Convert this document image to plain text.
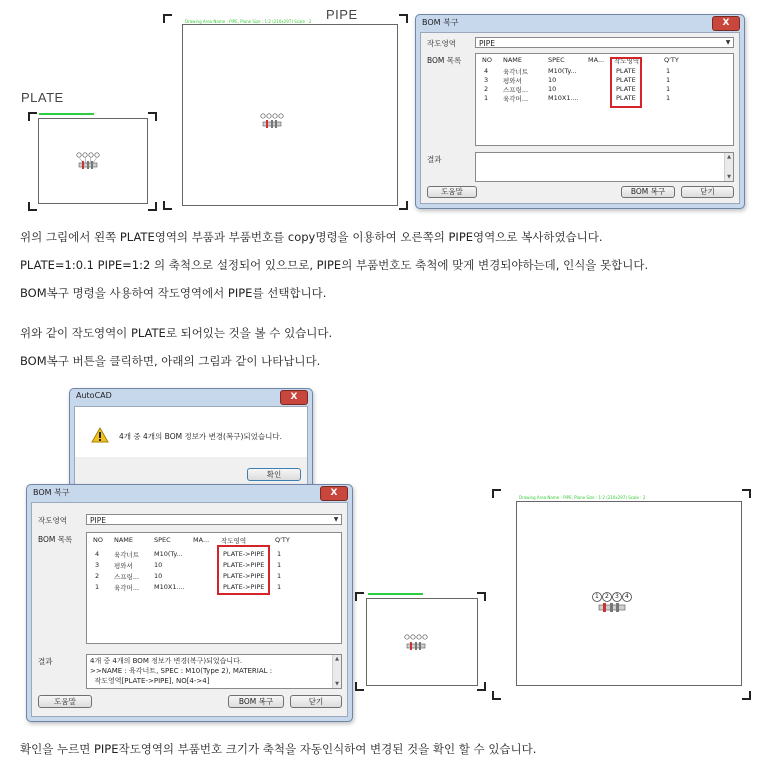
PLATE
PIPE
Drawing Area Name : PIPE, Plane Size : 1:2 (210x297) Scale : 2	BOM 복구	X
작도영역	PIPE	▼
BOM 목록	NO NAME	SPEC	MA... 작도영역	Q'TY
4 육각너트	M10(Ty...	PLATE	1
3 평와셔	10	PLATE	1
2 스프링...	10	PLATE	1
1 육각머...	M10X1....	PLATE	1
결과	▲
▼
도움말	BOM 복구	닫기
위의 그림에서 왼쪽 PLATE영역의 부품과 부품번호를 copy명령을 이용하여 오른쪽의 PIPE영역으로 복사하였습니다.
PLATE=1:0.1 PIPE=1:2 의 축척으로 설정되어 있으므로, PIPE의 부품번호도 축척에 맞게 변경되야하는데, 인식을 못합니다.
BOM복구 명령을 사용하여 작도영역에서 PIPE를 선택합니다.
위와 같이 작도영역이 PLATE로 되어있는 것을 볼 수 있습니다.
BOM복구 버튼을 클릭하면, 아래의 그림과 같이 나타납니다.
AutoCAD	X
4개 중 4개의 BOM 정보가 변경(복구)되었습니다.
확인
BOM 복구	X
작도영역	PIPE	▼
BOM 목록	NO NAME	SPEC	MA... 작도영역	Q'TY
4 육각너트 M10(Ty...	PLATE->PIPE 1
3 평와셔	10	PLATE->PIPE 1
2 스프링... 10	PLATE->PIPE 1
1 육각머... M10X1....	PLATE->PIPE 1
결과	4개 중 4개의 BOM 정보가 변경(복구)되었습니다.
>>NAME : 육각너트, SPEC : M10(Type 2), MATERIAL :
작도영역[PLATE->PIPE], NO[4->4]
▲
▼
도움말	BOM 복구	닫기
Drawing Area Name : PIPE, Plane Size : 1:2 (210x297) Scale : 2
1 2 3 4
확인을 누르면 PIPE작도영역의 부품번호 크기가 축척을 자동인식하여 변경된 것을 확인 할 수 있습니다.
